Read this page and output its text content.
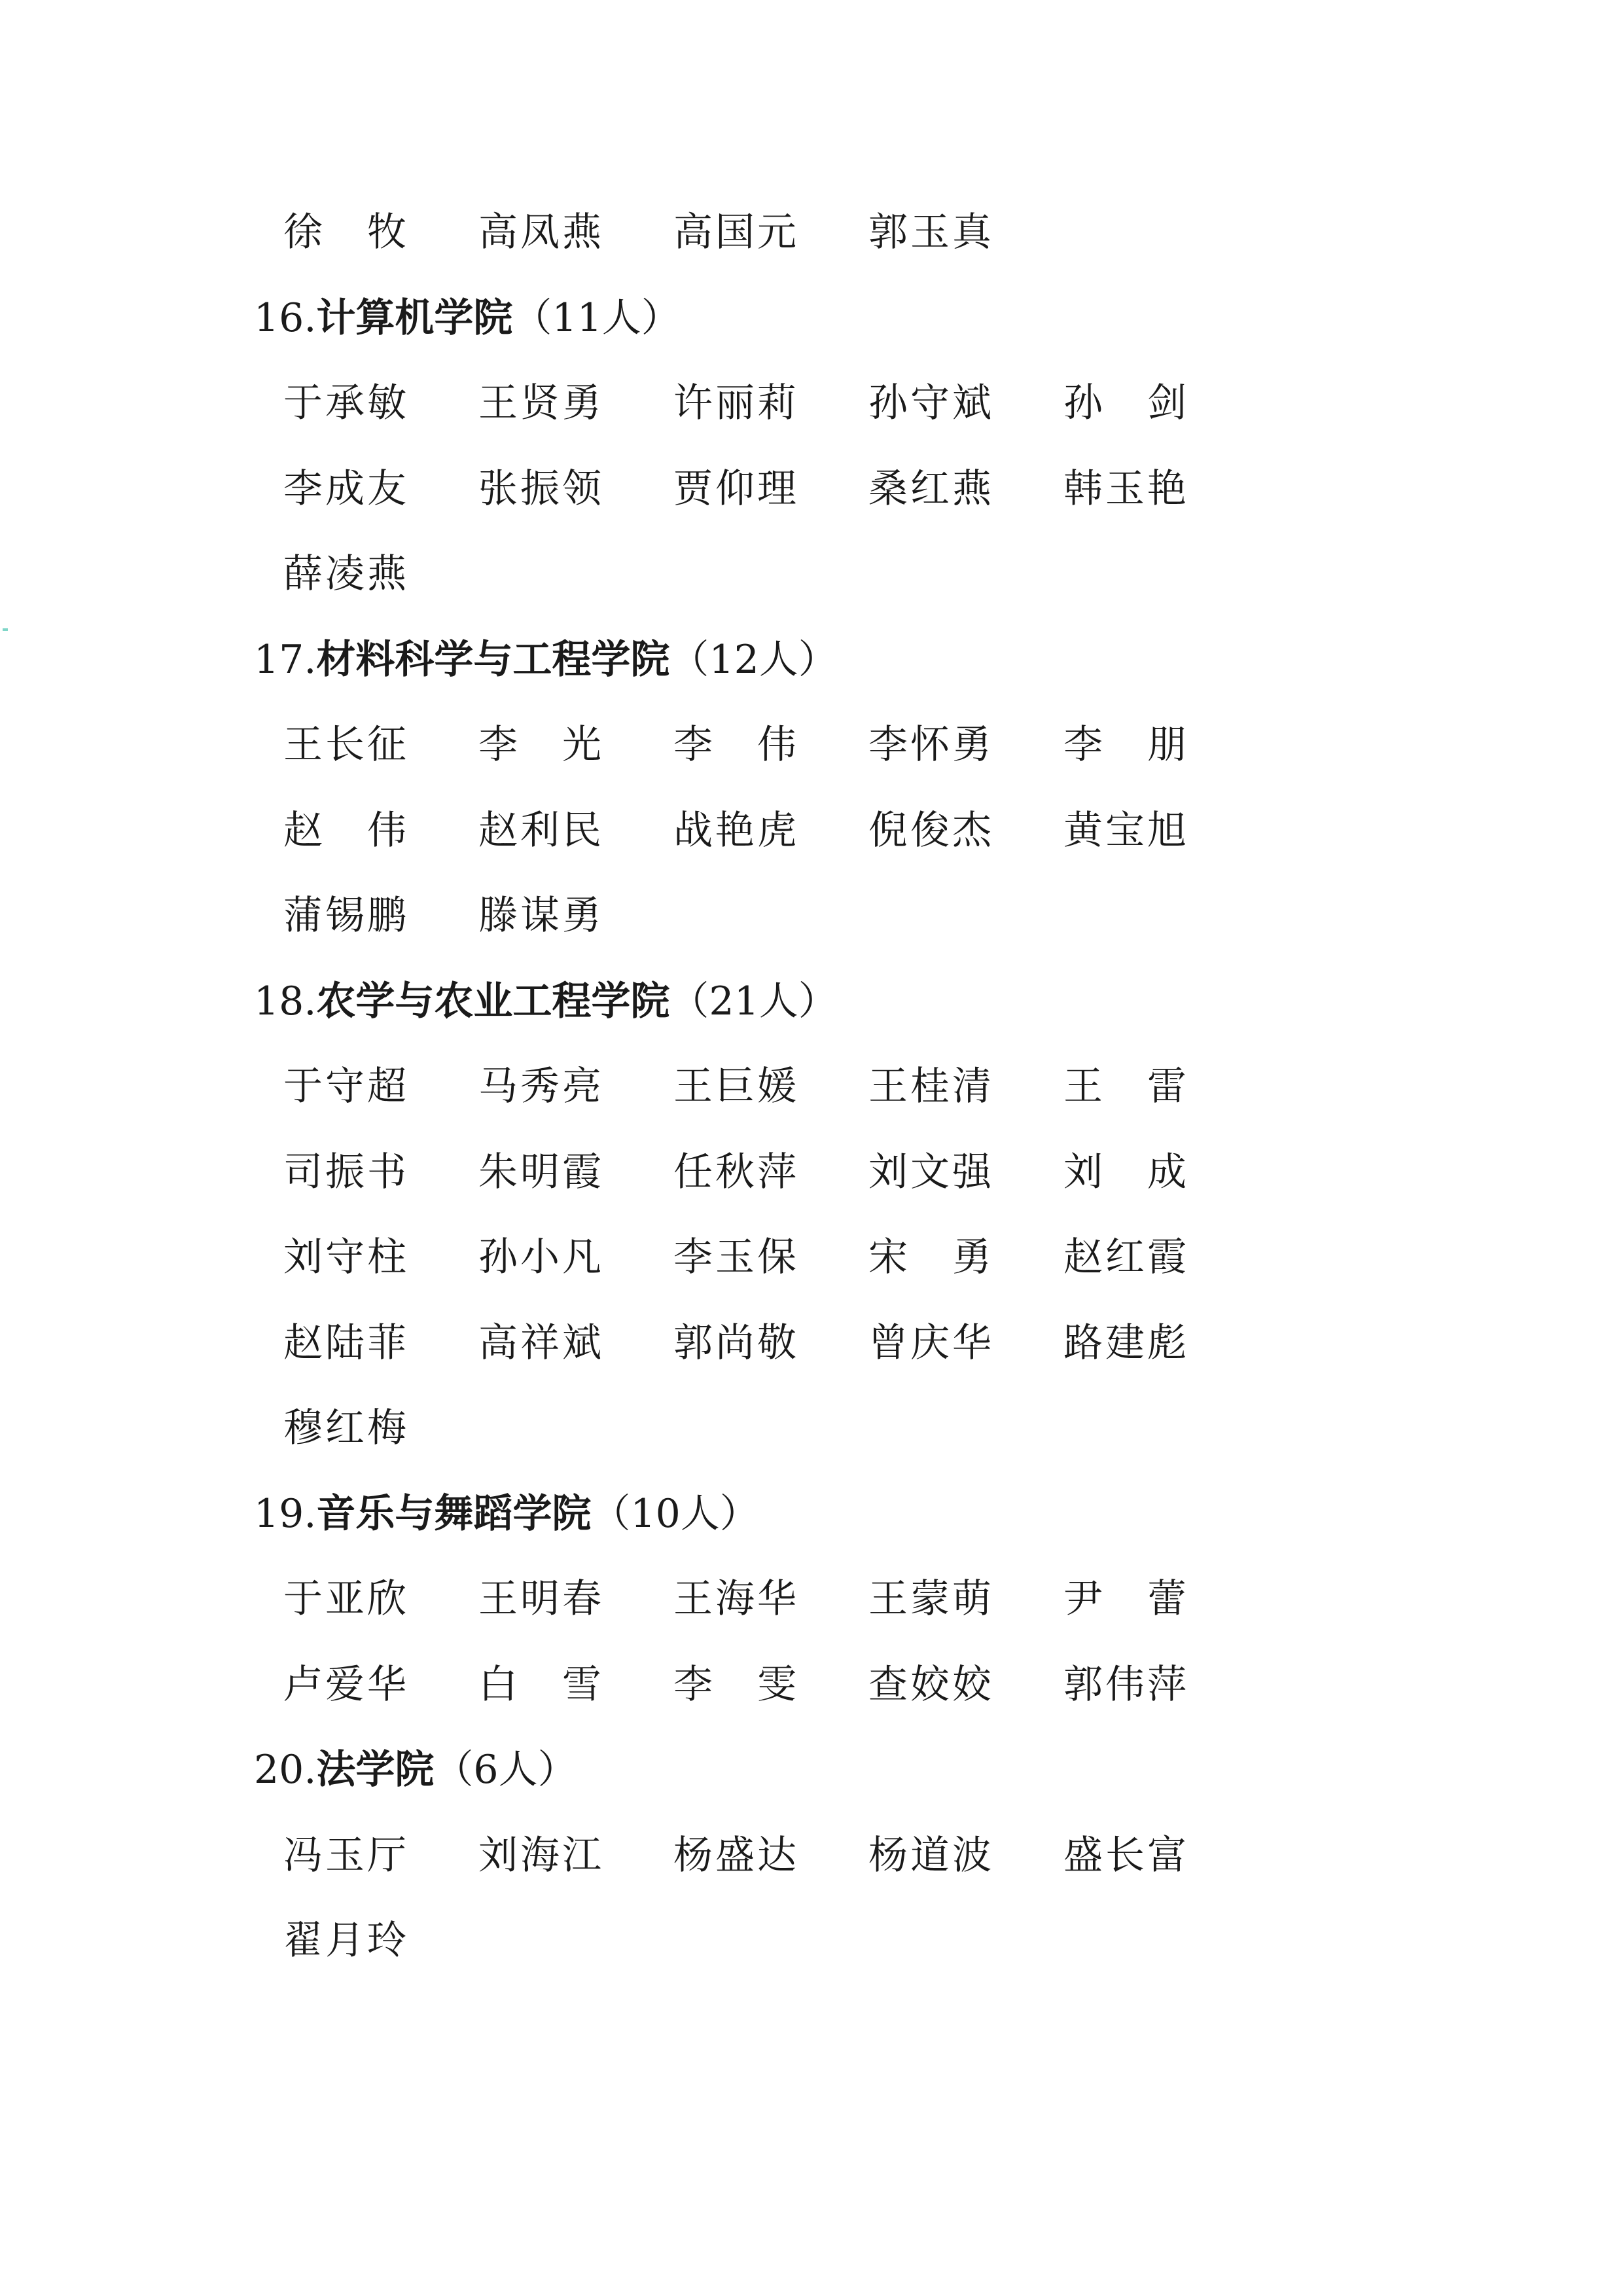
徐 牧 高 凤 燕 高 国 元 郭 玉 真
16. 计算机学院 （11人）
于 承 敏 王 贤 勇 许 丽 莉 孙 守 斌 孙 剑
李 成 友 张 振 领 贾 仰 理 桑 红 燕 韩 玉 艳
薛 凌 燕
17. 材料科学与工程学院 （12人）
王 长 征 李 光 李 伟 李 怀 勇 李 朋
赵 伟 赵 利 民 战 艳 虎 倪 俊 杰 黄 宝 旭
蒲 锡 鹏 滕 谋 勇
18. 农学与农业工程学院 （21人）
于 守 超 马 秀 亮 王 巨 媛 王 桂 清 王 雷
司 振 书 朱 明 霞 任 秋 萍 刘 文 强 刘 成
刘 守 柱 孙 小 凡 李 玉 保 宋 勇 赵 红 霞
赵 陆 菲 高 祥 斌 郭 尚 敬 曾 庆 华 路 建 彪
穆 红 梅
19. 音乐与舞蹈学院 （10人）
于 亚 欣 王 明 春 王 海 华 王 蒙 萌 尹 蕾
卢 爱 华 白 雪 李 雯 查 姣 姣 郭 伟 萍
20. 法学院 （6人）
冯 玉 厅 刘 海 江 杨 盛 达 杨 道 波 盛 长 富
翟 月 玲
